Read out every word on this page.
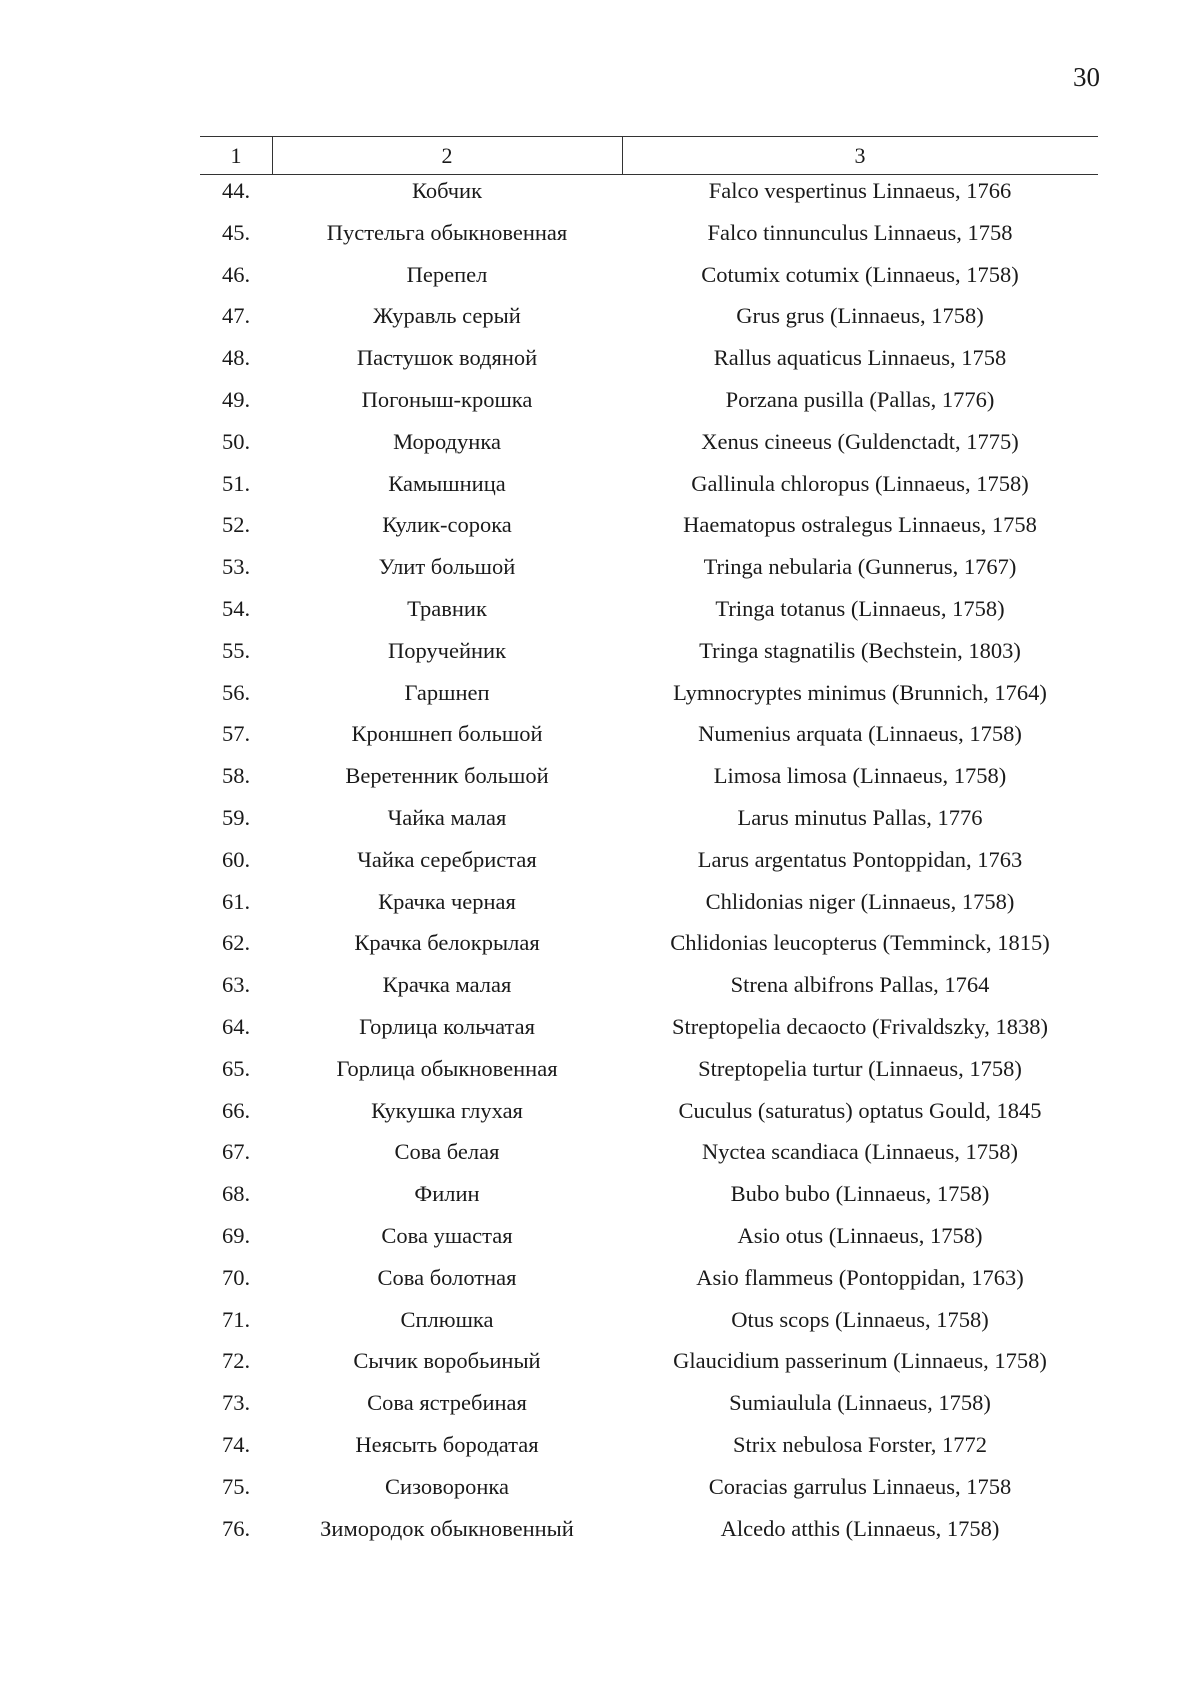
30
1	2	3
44.	Кобчик	Falco vespertinus Linnaeus, 1766
45.	Пустельга обыкновенная	Falco tinnunculus Linnaeus, 1758
46.	Перепел	Cotumix cotumix (Linnaeus, 1758)
47.	Журавль серый	Grus grus (Linnaeus, 1758)
48.	Пастушок водяной	Rallus aquaticus Linnaeus, 1758
49.	Погоныш-крошка	Porzana pusilla (Pallas, 1776)
50.	Мородунка	Xenus cineeus (Guldenctadt, 1775)
51.	Камышница	Gallinula chloropus (Linnaeus, 1758)
52.	Кулик-сорока	Haematopus ostralegus Linnaeus, 1758
53.	Улит большой	Tringa nebularia (Gunnerus, 1767)
54.	Травник	Tringa totanus (Linnaeus, 1758)
55.	Поручейник	Tringa stagnatilis (Bechstein, 1803)
56.	Гаршнеп	Lymnocryptes minimus (Brunnich, 1764)
57.	Кроншнеп большой	Numenius arquata (Linnaeus, 1758)
58.	Веретенник большой	Limosa limosa (Linnaeus, 1758)
59.	Чайка малая	Larus minutus Pallas, 1776
60.	Чайка серебристая	Larus argentatus Pontoppidan, 1763
61.	Крачка черная	Chlidonias niger (Linnaeus, 1758)
62.	Крачка белокрылая	Chlidonias leucopterus (Temminck, 1815)
63.	Крачка малая	Strena albifrons Pallas, 1764
64.	Горлица кольчатая	Streptopelia decaocto (Frivaldszky, 1838)
65.	Горлица обыкновенная	Streptopelia turtur (Linnaeus, 1758)
66.	Кукушка глухая	Cuculus (saturatus) optatus Gould, 1845
67.	Сова белая	Nyctea scandiaca (Linnaeus, 1758)
68.	Филин	Bubo bubo (Linnaeus, 1758)
69.	Сова ушастая	Asio otus (Linnaeus, 1758)
70.	Сова болотная	Asio flammeus (Pontoppidan, 1763)
71.	Сплюшка	Otus scops (Linnaeus, 1758)
72.	Сычик воробьиный	Glaucidium passerinum (Linnaeus, 1758)
73.	Сова ястребиная	Sumiaulula (Linnaeus, 1758)
74.	Неясыть бородатая	Strix nebulosa Forster, 1772
75.	Сизоворонка	Coracias garrulus Linnaeus, 1758
76.	Зимородок обыкновенный	Alcedo atthis (Linnaeus, 1758)
